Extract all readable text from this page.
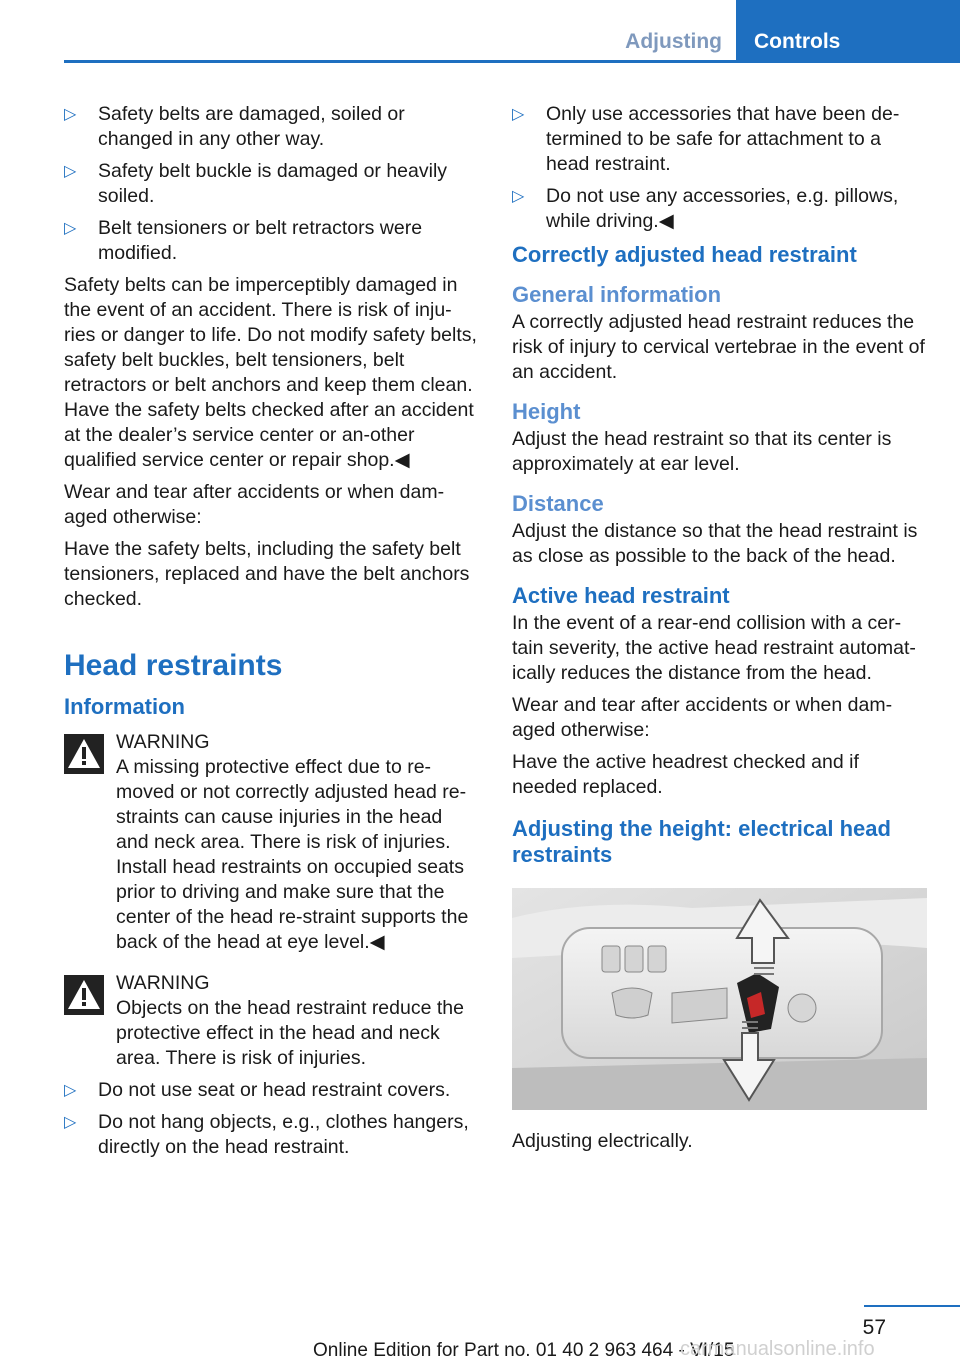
Adjusting	Controls
▷ Safety belts are damaged, soiled or changed in any other way.
▷ Safety belt buckle is damaged or heavily soiled.
▷ Belt tensioners or belt retractors were modified.

Safety belts can be imperceptibly damaged in the event of an accident. There is risk of inju‐ries or danger to life. Do not modify safety belts, safety belt buckles, belt tensioners, belt retractors or belt anchors and keep them clean. Have the safety belts checked after an accident at the dealer’s service center or an‐other qualified service center or repair shop.◀

Wear and tear after accidents or when dam‐aged otherwise:

Have the safety belts, including the safety belt tensioners, replaced and have the belt anchors checked.

Head restraints
Information
WARNING
A missing protective effect due to re‐moved or not correctly adjusted head re‐straints can cause injuries in the head and neck area. There is risk of injuries. Install head restraints on occupied seats prior to driving and make sure that the center of the head re‐straint supports the back of the head at eye level.◀
WARNING
Objects on the head restraint reduce the protective effect in the head and neck area. There is risk of injuries.
▷ Do not use seat or head restraint covers.
▷ Do not hang objects, e.g., clothes hangers, directly on the head restraint.
▷ Only use accessories that have been de‐termined to be safe for attachment to a head restraint.
▷ Do not use any accessories, e.g. pillows, while driving.◀
Correctly adjusted head restraint
General information

A correctly adjusted head restraint reduces the risk of injury to cervical vertebrae in the event of an accident.

Height

Adjust the head restraint so that its center is approximately at ear level.

Distance

Adjust the distance so that the head restraint is as close as possible to the back of the head.

Active head restraint

In the event of a rear-end collision with a cer‐tain severity, the active head restraint automat‐ically reduces the distance from the head.

Wear and tear after accidents or when dam‐aged otherwise:

Have the active headrest checked and if needed replaced.

Adjusting the height: electrical head restraints

Adjusting electrically.

57
Online Edition for Part no. 01 40 2 963 464 - VI/15
carmanualsonline.info
